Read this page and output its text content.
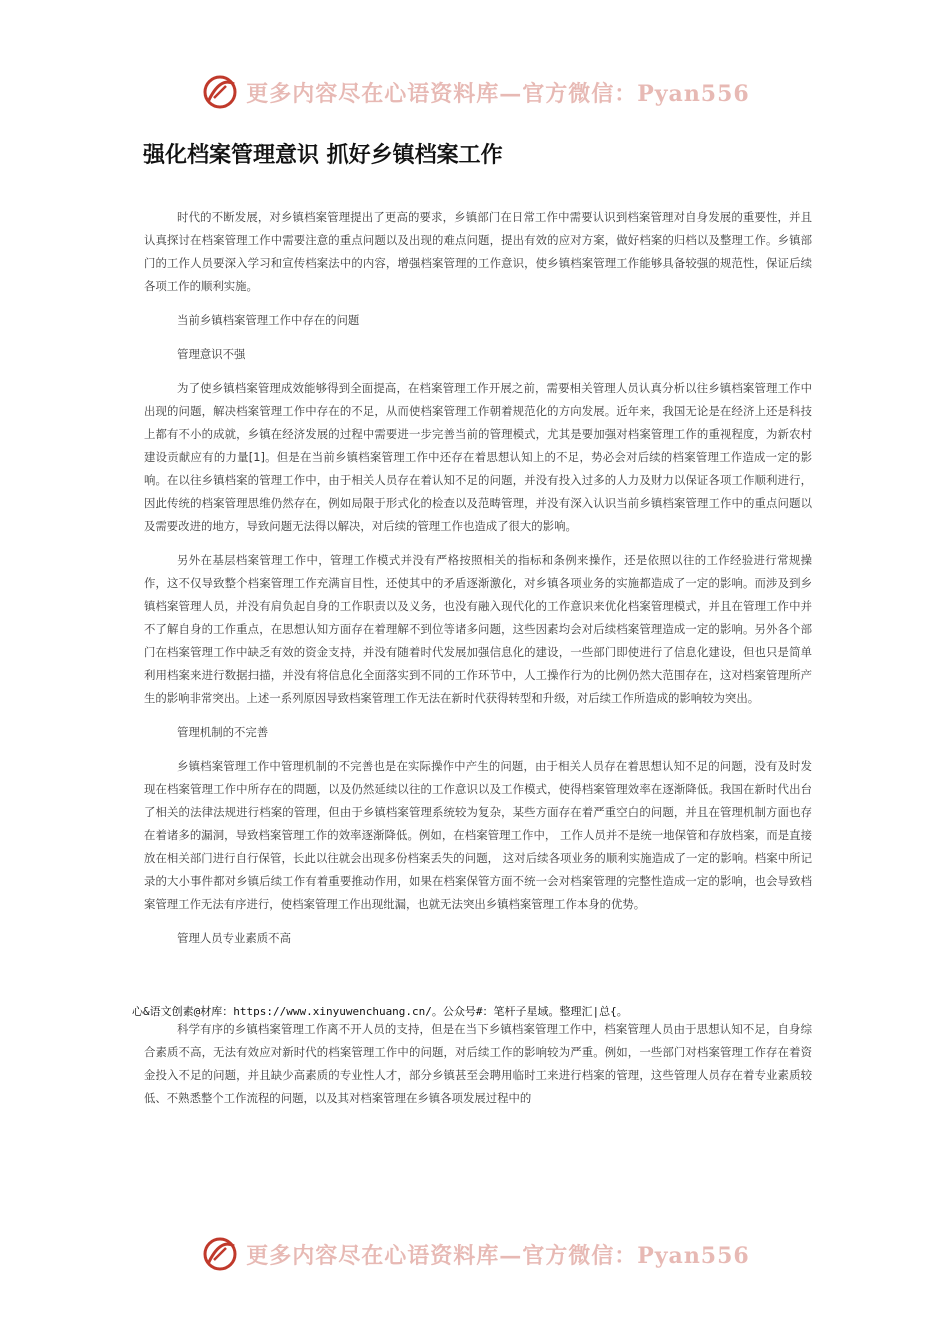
更多内容尽在心语资料库—官方微信：Pyan556
强化档案管理意识 抓好乡镇档案工作

时代的不断发展，对乡镇档案管理提出了更高的要求，乡镇部门在日常工作中需要认识到档案管理对自身发展的重要性，并且认真探讨在档案管理工作中需要注意的重点问题以及出现的难点问题，提出有效的应对方案，做好档案的归档以及整理工作。乡镇部门的工作人员要深入学习和宣传档案法中的内容，增强档案管理的工作意识，使乡镇档案管理工作能够具备较强的规范性，保证后续各项工作的顺利实施。

当前乡镇档案管理工作中存在的问题

管理意识不强

为了使乡镇档案管理成效能够得到全面提高，在档案管理工作开展之前，需要相关管理人员认真分析以往乡镇档案管理工作中出现的问题，解决档案管理工作中存在的不足，从而使档案管理工作朝着规范化的方向发展。近年来，我国无论是在经济上还是科技上都有不小的成就，乡镇在经济发展的过程中需要进一步完善当前的管理模式，尤其是要加强对档案管理工作的重视程度，为新农村建设贡献应有的力量[1]。但是在当前乡镇档案管理工作中还存在着思想认知上的不足，势必会对后续的档案管理工作造成一定的影响。在以往乡镇档案的管理工作中，由于相关人员存在着认知不足的问题，并没有投入过多的人力及财力以保证各项工作顺利进行，因此传统的档案管理思维仍然存在，例如局限于形式化的检查以及范畴管理，并没有深入认识当前乡镇档案管理工作中的重点问题以及需要改进的地方，导致问题无法得以解决，对后续的管理工作也造成了很大的影响。

另外在基层档案管理工作中，管理工作模式并没有严格按照相关的指标和条例来操作，还是依照以往的工作经验进行常规操作，这不仅导致整个档案管理工作充满盲目性，还使其中的矛盾逐渐激化，对乡镇各项业务的实施都造成了一定的影响。而涉及到乡镇档案管理人员，并没有肩负起自身的工作职责以及义务，也没有融入现代化的工作意识来优化档案管理模式，并且在管理工作中并不了解自身的工作重点，在思想认知方面存在着理解不到位等诸多问题，这些因素均会对后续档案管理造成一定的影响。另外各个部门在档案管理工作中缺乏有效的资金支持，并没有随着时代发展加强信息化的建设，一些部门即使进行了信息化建设，但也只是简单利用档案来进行数据扫描，并没有将信息化全面落实到不同的工作环节中，人工操作行为的比例仍然大范围存在，这对档案管理所产生的影响非常突出。上述一系列原因导致档案管理工作无法在新时代获得转型和升级，对后续工作所造成的影响较为突出。

管理机制的不完善

乡镇档案管理工作中管理机制的不完善也是在实际操作中产生的问题，由于相关人员存在着思想认知不足的问题，没有及时发现在档案管理工作中所存在的問题，以及仍然延续以往的工作意识以及工作模式，使得档案管理效率在逐渐降低。我国在新时代出台了相关的法律法规进行档案的管理，但由于乡镇档案管理系统较为复杂，某些方面存在着严重空白的问题，并且在管理机制方面也存在着诸多的漏洞，导致档案管理工作的效率逐渐降低。例如，在档案管理工作中， 工作人员并不是统一地保管和存放档案，而是直接放在相关部门进行自行保管，长此以往就会出现多份档案丢失的问题， 这对后续各项业务的顺利实施造成了一定的影响。档案中所记录的大小事件都对乡镇后续工作有着重要推动作用，如果在档案保管方面不统一会对档案管理的完整性造成一定的影响，也会导致档案管理工作无法有序进行，使档案管理工作出现纰漏，也就无法突出乡镇档案管理工作本身的优势。

管理人员专业素质不高

心&语文创素@材库：https://www.xinyuwenchuang.cn/。公众号#：笔杆子星域。整理汇|总{。

科学有序的乡镇档案管理工作离不开人员的支持，但是在当下乡镇档案管理工作中，档案管理人员由于思想认知不足，自身综合素质不高，无法有效应对新时代的档案管理工作中的问题，对后续工作的影响较为严重。例如，一些部门对档案管理工作存在着资金投入不足的问题，并且缺少高素质的专业性人才，部分乡镇甚至会聘用临时工来进行档案的管理，这些管理人员存在着专业素质较低、不熟悉整个工作流程的问题，以及其对档案管理在乡镇各项发展过程中的

更多内容尽在心语资料库—官方微信：Pyan556
